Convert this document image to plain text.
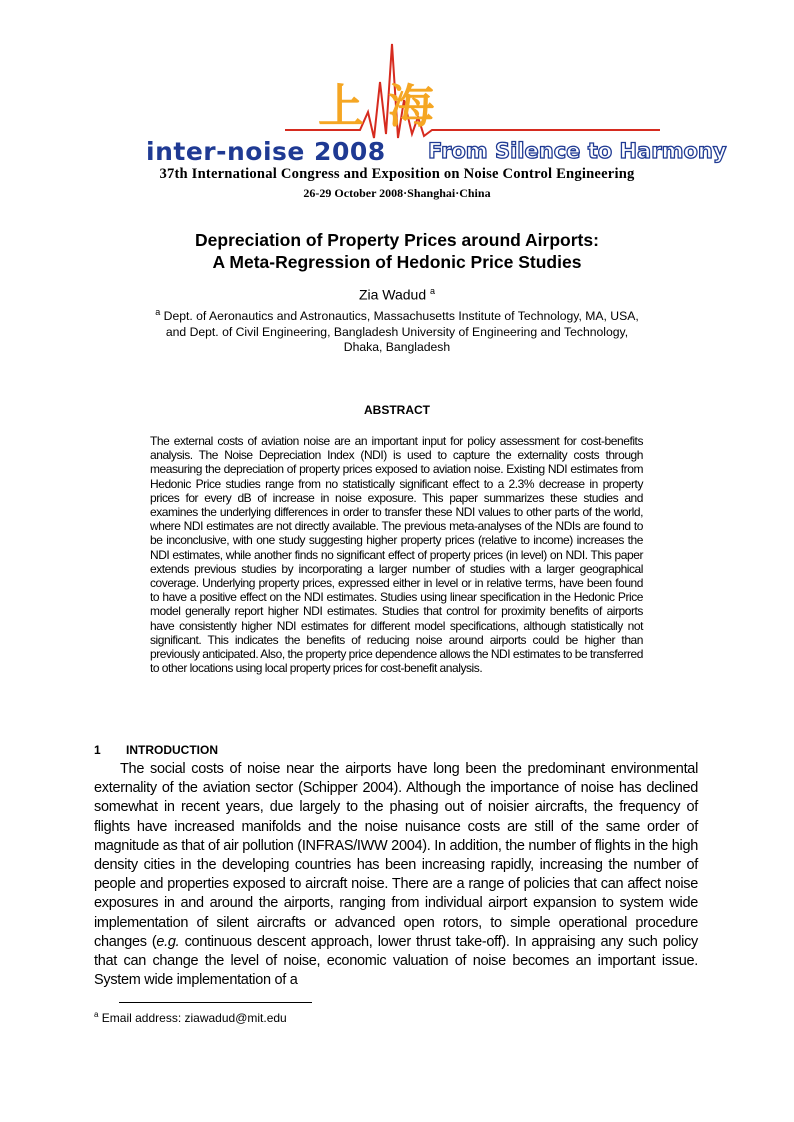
上海
inter-noise 2008 From Silence to Harmony
37th International Congress and Exposition on Noise Control Engineering
26-29 October 2008·Shanghai·China
Depreciation of Property Prices around Airports:
A Meta-Regression of Hedonic Price Studies
Zia Wadud $^a$
$^a$ Dept. of Aeronautics and Astronautics, Massachusetts Institute of Technology, MA, USA, and Dept. of Civil Engineering, Bangladesh University of Engineering and Technology, Dhaka, Bangladesh
ABSTRACT
The external costs of aviation noise are an important input for policy assessment for cost-benefits analysis. The Noise Depreciation Index (NDI) is used to capture the externality costs through measuring the depreciation of property prices exposed to aviation noise. Existing NDI estimates from Hedonic Price studies range from no statistically significant effect to a 2.3% decrease in property prices for every dB of increase in noise exposure. This paper summarizes these studies and examines the underlying differences in order to transfer these NDI values to other parts of the world, where NDI estimates are not directly available. The previous meta-analyses of the NDIs are found to be inconclusive, with one study suggesting higher property prices (relative to income) increases the NDI estimates, while another finds no significant effect of property prices (in level) on NDI. This paper extends previous studies by incorporating a larger number of studies with a larger geographical coverage. Underlying property prices, expressed either in level or in relative terms, have been found to have a positive effect on the NDI estimates. Studies using linear specification in the Hedonic Price model generally report higher NDI estimates. Studies that control for proximity benefits of airports have consistently higher NDI estimates for different model specifications, although statistically not significant. This indicates the benefits of reducing noise around airports could be higher than previously anticipated. Also, the property price dependence allows the NDI estimates to be transferred to other locations using local property prices for cost-benefit analysis.
1 INTRODUCTION
The social costs of noise near the airports have long been the predominant environmental externality of the aviation sector (Schipper 2004). Although the importance of noise has declined somewhat in recent years, due largely to the phasing out of noisier aircrafts, the frequency of flights have increased manifolds and the noise nuisance costs are still of the same order of magnitude as that of air pollution (INFRAS/IWW 2004). In addition, the number of flights in the high density cities in the developing countries has been increasing rapidly, increasing the number of people and properties exposed to aircraft noise. There are a range of policies that can affect noise exposures in and around the airports, ranging from individual airport expansion to system wide implementation of silent aircrafts or advanced open rotors, to simple operational procedure changes (e.g. continuous descent approach, lower thrust take-off). In appraising any such policy that can change the level of noise, economic valuation of noise becomes an important issue. System wide implementation of a
$^a$ Email address: ziawadud@mit.edu
